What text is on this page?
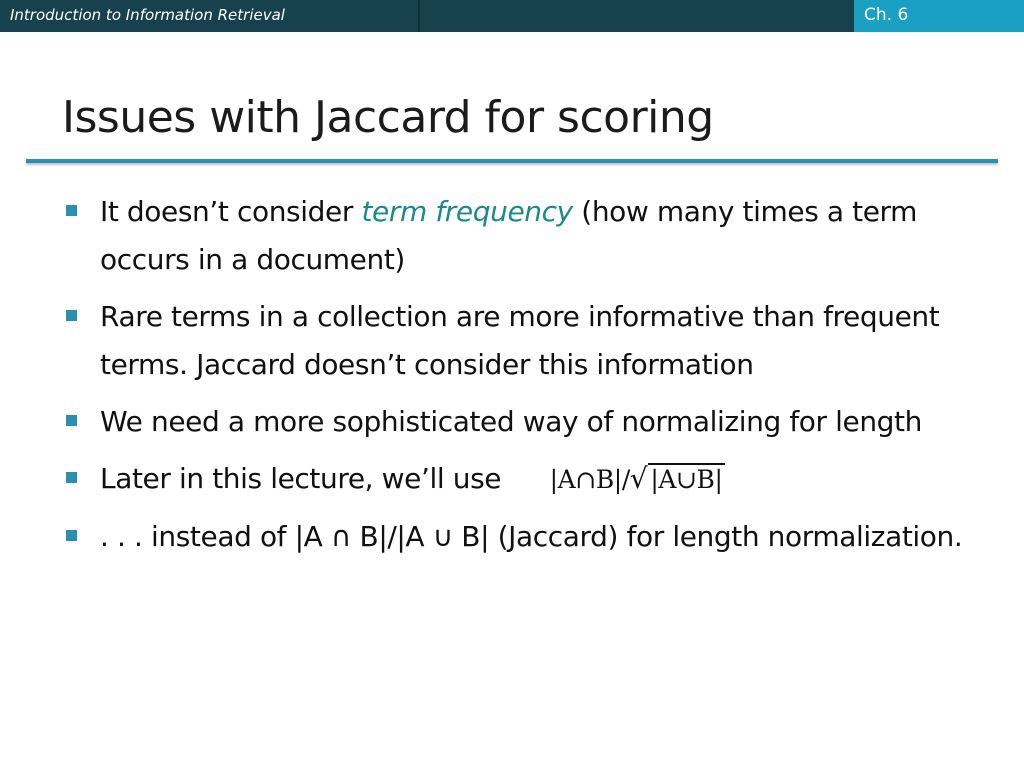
Introduction to Information Retrieval	Ch. 6
Issues with Jaccard for scoring
It doesn’t consider term frequency (how many times a term occurs in a document)
Rare terms in a collection are more informative than frequent terms. Jaccard doesn’t consider this information
We need a more sophisticated way of normalizing for length
Later in this lecture, we’ll use |A∩B|/√ |A∪B|
. . . instead of |A ∩ B|/|A ∪ B| (Jaccard) for length normalization.
